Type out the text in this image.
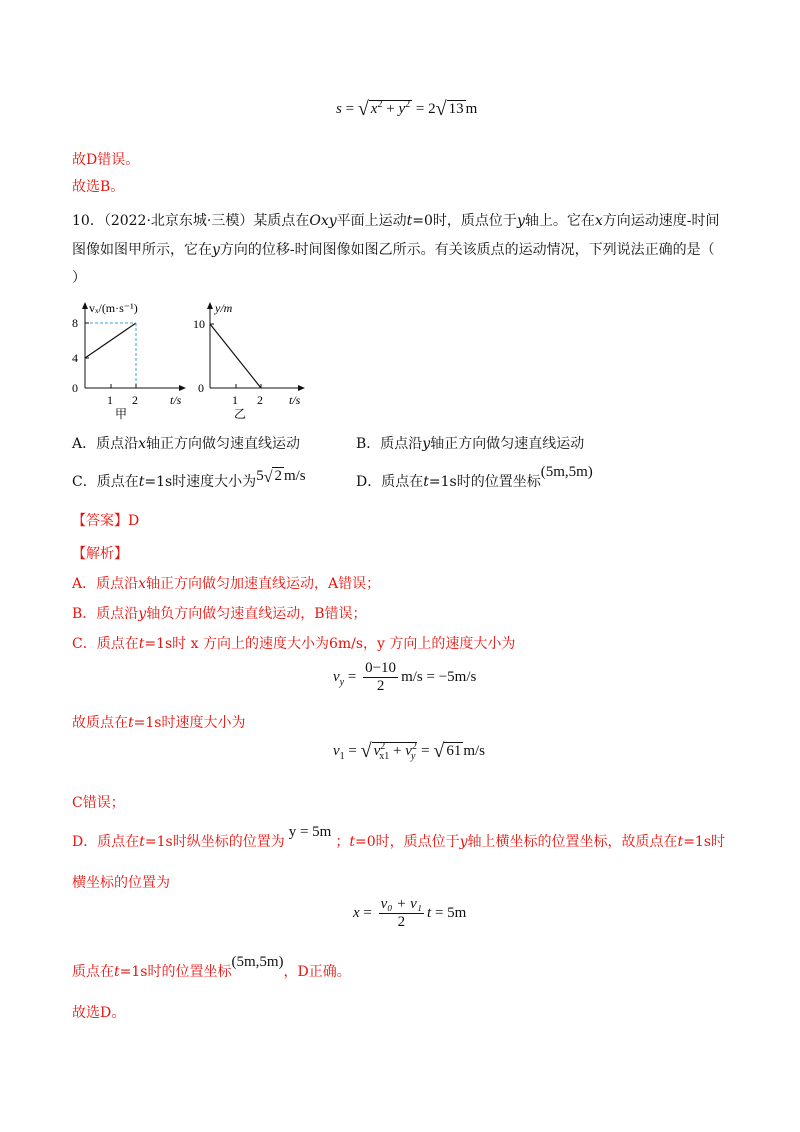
s = √ $x^2 + y^2 = 2√$ 13 m
故D错误。
故选B。
10．（2022·北京东城·三模）某质点在Oxy平面上运动t=0时，质点位于y轴上。它在x方向运动速度-时间
图像如图甲所示，它在y方向的位移-时间图像如图乙所示。有关该质点的运动情况，下列说法正确的是（
）
vₓ/(m·s⁻¹)
8
4
0
1 2	t/s
甲
y/m
10
0
1 2 t/s
乙
A．质点沿x轴正方向做匀速直线运动	B．质点沿y轴正方向做匀速直线运动
C．质点在t=1s时速度大小为5√ 2 m/s	D．质点在t=1s时的位置坐标(5m,5m)
【答案】D
【解析】
A．质点沿x轴正方向做匀加速直线运动，A错误；
B．质点沿y轴负方向做匀速直线运动，B错误；
C．质点在t=1s时 x 方向上的速度大小为6m/s，y 方向上的速度大小为
$v_y = \frac{0-10}{2} m/s = -5m/s$
故质点在t=1s时速度大小为
$v_1$ = √ $v^2_{x1} + v^2_y$ = √ 61 m/s
C错误；
D．质点在t=1s时纵坐标的位置为y = 5m；t=0时，质点位于y轴上横坐标的位置坐标，故质点在t=1s时
横坐标的位置为
$x = \frac{\text{v₀ + v₁}}{2}$ t = 5m
质点在t=1s时的位置坐标(5m,5m)，D正确。
故选D。
